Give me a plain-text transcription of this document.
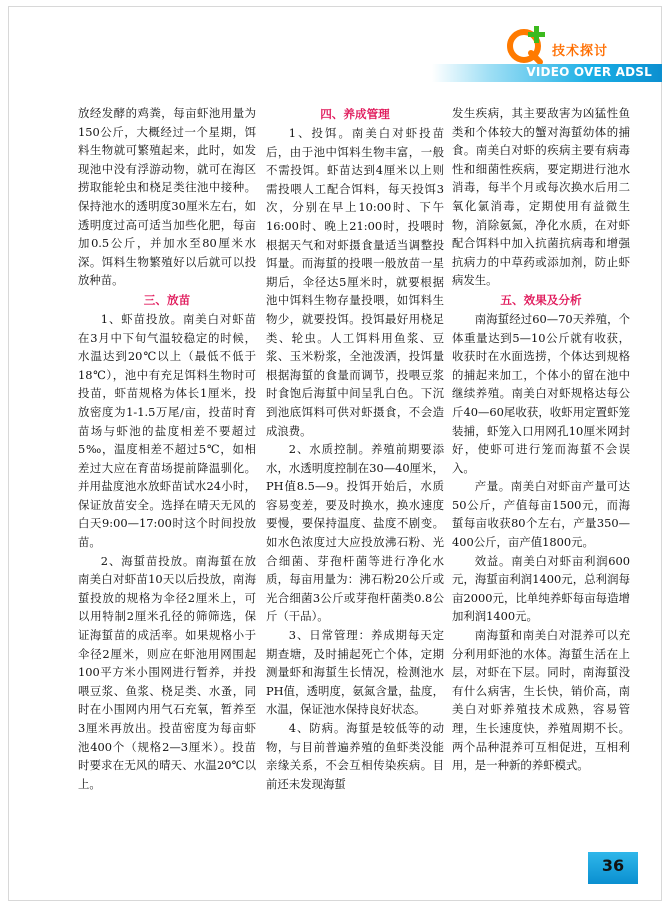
技术探讨
VIDEO OVER ADSL

放经发酵的鸡粪，每亩虾池用量为150公斤，大概经过一个星期，饵料生物就可繁殖起来，此时，如发现池中没有浮游动物，就可在海区捞取能轮虫和桡足类往池中接种。保持池水的透明度30厘米左右，如透明度过高可适当加些化肥，每亩加0.5公斤，并加水至80厘米水深。饵料生物繁殖好以后就可以投放种苗。

三、放苗

1、虾苗投放。南美白对虾苗在3月中下旬气温较稳定的时候，水温达到20℃以上（最低不低于18℃），池中有充足饵料生物时可投苗，虾苗规格为体长1厘米，投放密度为1-1.5万尾/亩，投苗时育苗场与虾池的盐度相差不要超过5‰，温度相差不超过5℃，如相差过大应在育苗场提前降温驯化。并用盐度池水放虾苗试水24小时，保证放苗安全。选择在晴天无风的白天9:00—17:00时这个时间投放苗。

2、海蜇苗投放。南海蜇在放南美白对虾苗10天以后投放，南海蜇投放的规格为伞径2厘米上，可以用特制2厘米孔径的筛筛选，保证海蜇苗的成活率。如果规格小于伞径2厘米，则应在虾池用网围起100平方米小围网进行暂养，并投喂豆浆、鱼浆、桡足类、水蚤，同时在小围网内用气石充氧，暂养至3厘米再放出。投苗密度为每亩虾池400个（规格2—3厘米）。投苗时要求在无风的晴天、水温20℃以上。

四、养成管理

1、投饵。南美白对虾投苗后，由于池中饵料生物丰富，一般不需投饵。虾苗达到4厘米以上则需投喂人工配合饵料，每天投饵3次，分别在早上10:00时、下午16:00时、晚上21:00时，投喂时根据天气和对虾摄食量适当调整投饵量。而海蜇的投喂一般放苗一星期后，伞径达5厘米时，就要根据池中饵料生物存量投喂，如饵料生物少，就要投饵。投饵最好用桡足类、轮虫。人工饵料用鱼浆、豆浆、玉米粉浆，全池泼洒，投饵量根据海蜇的食量而调节，投喂豆浆时食饱后海蜇中间呈乳白色。下沉到池底饵料可供对虾摄食，不会造成浪费。

2、水质控制。养殖前期要添水，水透明度控制在30—40厘米，PH值8.5—9。投饵开始后，水质容易变差，要及时换水，换水速度要慢，要保持温度、盐度不剧变。如水色浓度过大应投放沸石粉、光合细菌、芽孢杆菌等进行净化水质，每亩用量为：沸石粉20公斤或光合细菌3公斤或芽孢杆菌类0.8公斤（干品）。

3、日常管理：养成期每天定期查塘，及时捕起死亡个体，定期测量虾和海蜇生长情况，检测池水PH值，透明度，氨氮含量，盐度，水温，保证池水保持良好状态。

4、防病。海蜇是较低等的动物，与目前普遍养殖的鱼虾类没能亲缘关系，不会互相传染疾病。目前还未发现海蜇

发生疾病，其主要敌害为凶猛性鱼类和个体较大的蟹对海蜇幼体的捕食。南美白对虾的疾病主要有病毒性和细菌性疾病，要定期进行池水消毒，每半个月或每次换水后用二氧化氯消毒，定期使用有益微生物，消除氨氮，净化水质，在对虾配合饵料中加入抗菌抗病毒和增强抗病力的中草药或添加剂，防止虾病发生。

五、效果及分析

南海蜇经过60—70天养殖，个体重量达到5—10公斤就有收获，收获时在水面选捞，个体达到规格的捕起来加工，个体小的留在池中继续养殖。南美白对虾规格达每公斤40—60尾收获，收虾用定置虾笼装捕，虾笼入口用网孔10厘米网封好，使虾可进行笼而海蜇不会误入。

产量。南美白对虾亩产量可达50公斤，产值每亩1500元，而海蜇每亩收获80个左右，产量350—400公斤，亩产值1800元。

效益。南美白对虾亩利润600元，海蜇亩利润1400元，总利润每亩2000元，比单纯养虾每亩每造增加利润1400元。

南海蜇和南美白对混养可以充分利用虾池的水体。海蜇生活在上层，对虾在下层。同时，南海蜇没有什么病害，生长快，销价高，南美白对虾养殖技术成熟，容易管理，生长速度快，养殖周期不长。两个品种混养可互相促进，互相利用，是一种新的养虾模式。

36
